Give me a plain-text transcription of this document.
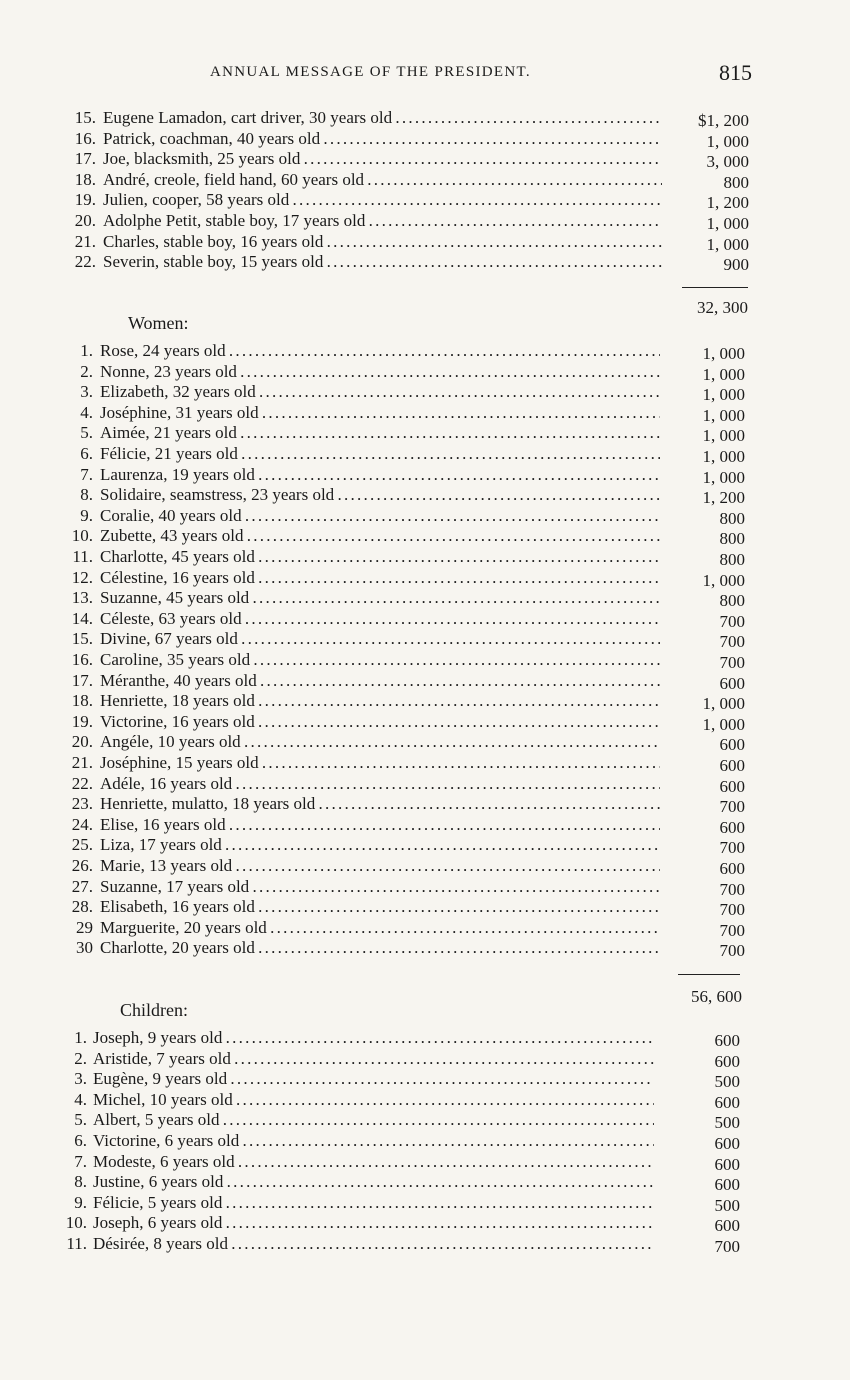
ANNUAL MESSAGE OF THE PRESIDENT.	815
15. Eugene Lamadon, cart driver, 30 years old . . .	$1, 200
16. Patrick, coachman, 40 years old . . .	1, 000
17. Joe, blacksmith, 25 years old . . .	3, 000
18. André, creole, field hand, 60 years old . . .	800
19. Julien, cooper, 58 years old . . .	1, 200
20. Adolphe Petit, stable boy, 17 years old . . .	1, 000
21. Charles, stable boy, 16 years old . . .	1, 000
22. Severin, stable boy, 15 years old . . .	900
32, 300
Women:
1. Rose, 24 years old . . .	1, 000
2. Nonne, 23 years old . . .	1, 000
3. Elizabeth, 32 years old . . .	1, 000
4. Joséphine, 31 years old . . .	1, 000
5. Aimée, 21 years old . . .	1, 000
6. Félicie, 21 years old . . .	1, 000
7. Laurenza, 19 years old . . .	1, 000
8. Solidaire, seamstress, 23 years old . . .	1, 200
9. Coralie, 40 years old . . .	800
10. Zubette, 43 years old . . .	800
11. Charlotte, 45 years old . . .	800
12. Célestine, 16 years old . . .	1, 000
13. Suzanne, 45 years old . . .	800
14. Céleste, 63 years old . . .	700
15. Divine, 67 years old . . .	700
16. Caroline, 35 years old . . .	700
17. Méranthe, 40 years old . . .	600
18. Henriette, 18 years old . . .	1, 000
19. Victorine, 16 years old . . .	1, 000
20. Angéle, 10 years old . . .	600
21. Joséphine, 15 years old . . .	600
22. Adéle, 16 years old . . .	600
23. Henriette, mulatto, 18 years old . . .	700
24. Elise, 16 years old . . .	600
25. Liza, 17 years old . . .	700
26. Marie, 13 years old . . .	600
27. Suzanne, 17 years old . . .	700
28. Elisabeth, 16 years old . . .	700
29 Marguerite, 20 years old . . .	700
30 Charlotte, 20 years old . . .	700
56, 600
Children:
1. Joseph, 9 years old . . .	600
2. Aristide, 7 years old . . .	600
3. Eugène, 9 years old . . .	500
4. Michel, 10 years old . . .	600
5. Albert, 5 years old . . .	500
6. Victorine, 6 years old . . .	600
7. Modeste, 6 years old . . .	600
8. Justine, 6 years old . . .	600
9. Félicie, 5 years old . . .	500
10. Joseph, 6 years old . . .	600
11. Désirée, 8 years old . . .	700
